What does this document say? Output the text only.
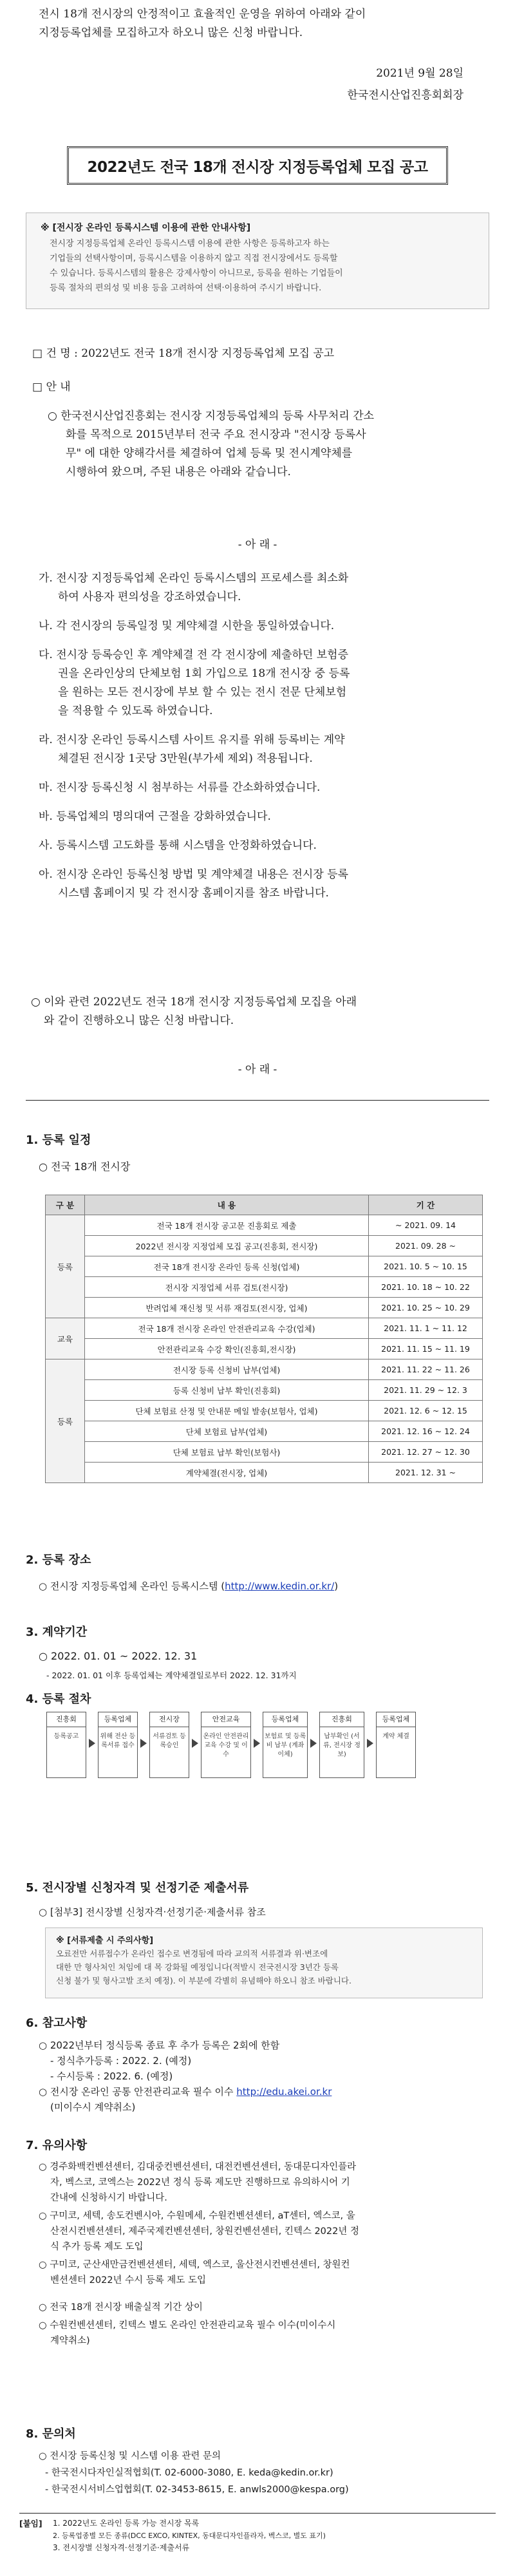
전시 18개 전시장의 안정적이고 효율적인 운영을 위하여 아래와 같이
지정등록업체를 모집하고자 하오니 많은 신청 바랍니다.
2021년 9월 28일
한국전시산업진흥회회장
2022년도 전국 18개 전시장 지정등록업체 모집 공고
※ [전시장 온라인 등록시스템 이용에 관한 안내사항]
전시장 지정등록업체 온라인 등록시스템 이용에 관한 사항은 등록하고자 하는
기업들의 선택사항이며, 등록시스템을 이용하지 않고 직접 전시장에서도 등록할
수 있습니다. 등록시스템의 활용은 강제사항이 아니므로, 등록을 원하는 기업들이
등록 절차의 편의성 및 비용 등을 고려하여 선택·이용하여 주시기 바랍니다.
□ 건 명 : 2022년도 전국 18개 전시장 지정등록업체 모집 공고
□ 안 내
○ 한국전시산업진흥회는 전시장 지정등록업체의 등록 사무처리 간소
화를 목적으로 2015년부터 전국 주요 전시장과 "전시장 등록사
무" 에 대한 양해각서를 체결하여 업체 등록 및 전시계약체를
시행하여 왔으며, 주된 내용은 아래와 같습니다.
- 아 래 -
가. 전시장 지정등록업체 온라인 등록시스템의 프로세스를 최소화
하여 사용자 편의성을 강조하였습니다.
나. 각 전시장의 등록일정 및 계약체결 시한을 통일하였습니다.
다. 전시장 등록승인 후 계약체결 전 각 전시장에 제출하던 보험증
권을 온라인상의 단체보험 1회 가입으로 18개 전시장 중 등록
을 원하는 모든 전시장에 부보 할 수 있는 전시 전문 단체보험
을 적용할 수 있도록 하였습니다.
라. 전시장 온라인 등록시스템 사이트 유지를 위해 등록비는 계약
체결된 전시장 1곳당 3만원(부가세 제외) 적용됩니다.
마. 전시장 등록신청 시 첨부하는 서류를 간소화하였습니다.
바. 등록업체의 명의대여 근절을 강화하였습니다.
사. 등록시스템 고도화를 통해 시스템을 안정화하였습니다.
아. 전시장 온라인 등록신청 방법 및 계약체결 내용은 전시장 등록
시스템 홈페이지 및 각 전시장 홈페이지를 참조 바랍니다.
○ 이와 관련 2022년도 전국 18개 전시장 지정등록업체 모집을 아래
와 같이 진행하오니 많은 신청 바랍니다.
- 아 래 -
1. 등록 일정
○ 전국 18개 전시장
구 분	내 용	기 간
등록	전국 18개 전시장 공고문 진흥회로 제출	~ 2021. 09. 14
	2022년 전시장 지정업체 모집 공고(진흥회, 전시장)	2021. 09. 28 ~
	전국 18개 전시장 온라인 등록 신청(업체)	2021. 10. 5 ~ 10. 15
	전시장 지정업체 서류 검토(전시장)	2021. 10. 18 ~ 10. 22
	반려업체 재신청 및 서류 재검토(전시장, 업체)	2021. 10. 25 ~ 10. 29
교육	전국 18개 전시장 온라인 안전관리교육 수강(업체)	2021. 11. 1 ~ 11. 12
	안전관리교육 수강 확인(진흥회,전시장)	2021. 11. 15 ~ 11. 19
등록	전시장 등록 신청비 납부(업체)	2021. 11. 22 ~ 11. 26
	등록 신청비 납부 확인(진흥회)	2021. 11. 29 ~ 12. 3
	단체 보험료 산정 및 안내문 메일 발송(보험사, 업체)	2021. 12. 6 ~ 12. 15
	단체 보험료 납부(업체)	2021. 12. 16 ~ 12. 24
	단체 보험료 납부 확인(보험사)	2021. 12. 27 ~ 12. 30
	계약체결(전시장, 업체)	2021. 12. 31 ~
2. 등록 장소
○ 전시장 지정등록업체 온라인 등록시스템 (http://www.kedin.or.kr/)
3. 계약기간
○ 2022. 01. 01 ~ 2022. 12. 31
- 2022. 01. 01 이후 등록업체는 계약체결일로부터 2022. 12. 31까지
4. 등록 절차
진흥회
등록공고
등록업체
위해 전산 등록서류 접수
전시장
서류검토 등록승인
안전교육
온라인 안전관리교육 수강 및 이수
등록업체
보험료 및 등록비 납부 (계좌이체)
진흥회
납부확인 (서류, 전시장 정보)
등록업체
계약 체결
5. 전시장별 신청자격 및 선정기준 제출서류
○ [첨부3] 전시장별 신청자격·선정기준·제출서류 참조
※ [서류제출 시 주의사항]
오료전만 서류접수가 온라인 접수로 변경됨에 따라 교의적 서류결과 위·변조에
대한 만 형사처인 처임에 대 목 강화될 예정입니다(적발시 전국전시장 3년간 등록
신청 불가 및 형사고발 조치 예정). 이 부분에 각별히 유념해야 하오니 참조 바랍니다.
6. 참고사항
○ 2022년부터 정식등록 종료 후 추가 등록은 2회에 한함
- 정식추가등록 : 2022. 2. (예정)
- 수시등록 : 2022. 6. (예정)
○ 전시장 온라인 공통 안전관리교육 필수 이수 http://edu.akei.or.kr
(미이수시 계약취소)
7. 유의사항
○ 경주화백컨벤션센터, 김대중컨벤션센터, 대전컨벤션센터, 동대문디자인플라
자, 벡스코, 코엑스는 2022년 정식 등록 제도만 진행하므로 유의하시어 기
간내에 신청하시기 바랍니다.
○ 구미코, 세텍, 송도컨벤시아, 수원메세, 수원컨벤션센터, aT센터, 엑스코, 울
산전시컨벤션센터, 제주국제컨벤션센터, 창원컨벤션센터, 킨텍스 2022년 정
식 추가 등록 제도 도입
○ 구미코, 군산새만금컨벤션센터, 세텍, 엑스코, 울산전시컨벤션센터, 창원컨
벤션센터 2022년 수시 등록 제도 도입
○ 전국 18개 전시장 배출실적 기간 상이
○ 수원컨벤션센터, 킨텍스 별도 온라인 안전관리교육 필수 이수(미이수시
계약취소)
8. 문의처
○ 전시장 등록신청 및 시스템 이용 관련 문의
- 한국전시다자인실적협회(T. 02-6000-3080, E. keda@kedin.or.kr)
- 한국전시서비스업협회(T. 02-3453-8615, E. anwls2000@kespa.org)
[붙임] 1. 2022년도 온라인 등록 가능 전시장 목록
2. 등록업종별 모든 종류(DCC EXCO, KINTEX, 동대문디자인플라자, 벡스코, 별도 표기)
3. 전시장별 신청자격·선정기준·제출서류
